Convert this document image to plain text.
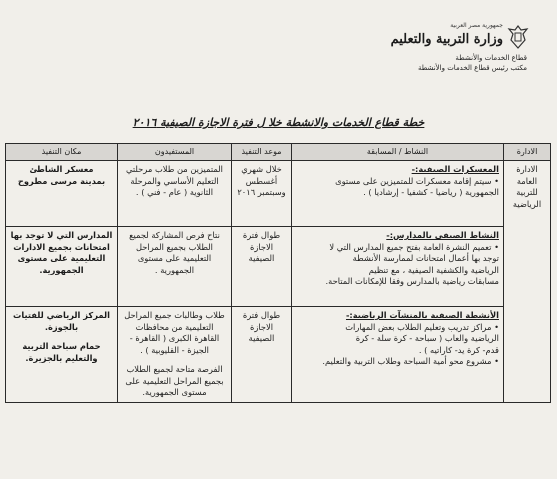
جمهورية مصر العربية
وزارة التربية والتعليم
قطاع الخدمات والأنشطة
مكتب رئيس قطاع الخدمات والأنشطة
خطة قطاع الخدمات والانشطة خلا ل فترة الاجازة الصيفية ٢٠١٦
الادارة	النشاط / المسابقة	موعد التنفيذ	المستفيدون	مكان التنفيذ
الادارة العامة للتربية الرياضية	المعسكرات الصيفية:-
• سيتم إقامة معسكرات للمتميزين على مستوى
الجمهورية ( رياضيا - كشفيا - إرشاديا ) .	خلال شهري أغسطس وسبتمبر ٢٠١٦	المتميزين من طلاب مرحلتي التعليم الأساسي والمرحلة الثانوية ( عام - فني ) .	معسكر الشاطئ
بمدينة مرسى مطروح

	النشاط الصيفى بالمدارس:-
• تعميم النشرة العامة بفتح جميع المدارس التي لا
توجد بها أعمال امتحانات لممارسة الأنشطة
الرياضية والكشفية الصيفية ، مع تنظيم
مسابقات رياضية بالمدارس وفقا للإمكانات المتاحة.	طوال فترة الاجازة الصيفية	نتاح فرص المشاركة لجميع الطلاب بجميع المراحل التعليمية على مستوى الجمهورية .	المدارس التي لا توجد بها
امتحانات بجميع الادارات
التعليمية على مستوى
الجمهورية.

	الأنشطة الصيفية بالمنشآت الرياضية:-
• مراكز تدريب وتعليم الطلاب بعض المهارات
الرياضية والعاب ( سباحة - كرة سلة - كرة
قدم- كرة يد- كاراتيه ) .
• مشروع محو أمية السباحة وطلاب التربية والتعليم.	طوال فترة الاجازة الصيفية	طلاب وطالبات جميع المراحل التعليمية من محافظات القاهرة الكبرى ( القاهرة - الجيزة - القليوبية ) .
الفرصة متاحة لجميع الطلاب بجميع المراحل التعليمية على مستوى الجمهورية.	المركز الرياضي للفتيات
بالجوزة.
حمام سباحة التربية
والتعليم بالجزيرة.
